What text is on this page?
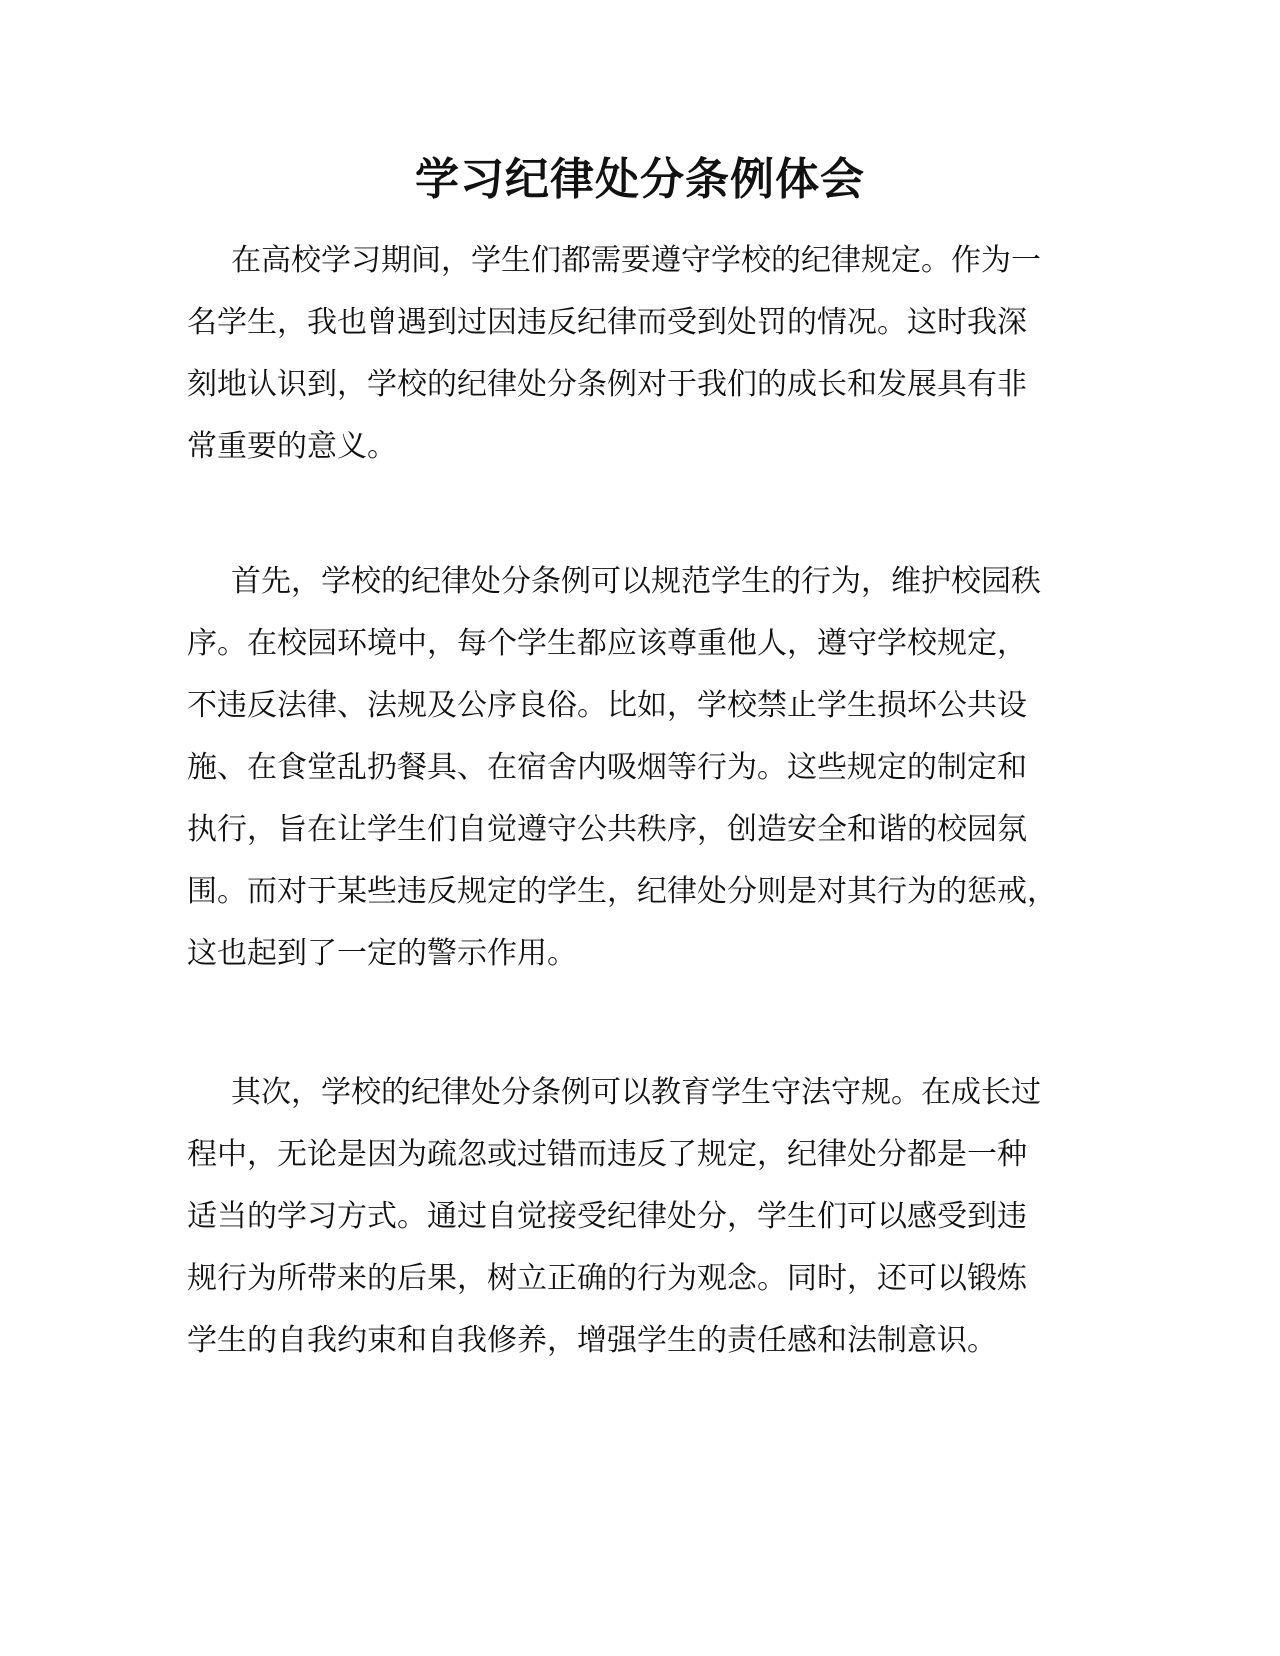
学习纪律处分条例体会
在高校学习期间，学生们都需要遵守学校的纪律规定。作为一
名学生，我也曾遇到过因违反纪律而受到处罚的情况。这时我深
刻地认识到，学校的纪律处分条例对于我们的成长和发展具有非
常重要的意义。
首先，学校的纪律处分条例可以规范学生的行为，维护校园秩
序。在校园环境中，每个学生都应该尊重他人，遵守学校规定，
不违反法律、法规及公序良俗。比如，学校禁止学生损坏公共设
施、在食堂乱扔餐具、在宿舍内吸烟等行为。这些规定的制定和
执行，旨在让学生们自觉遵守公共秩序，创造安全和谐的校园氛
围。而对于某些违反规定的学生，纪律处分则是对其行为的惩戒，
这也起到了一定的警示作用。
其次，学校的纪律处分条例可以教育学生守法守规。在成长过
程中，无论是因为疏忽或过错而违反了规定，纪律处分都是一种
适当的学习方式。通过自觉接受纪律处分，学生们可以感受到违
规行为所带来的后果，树立正确的行为观念。同时，还可以锻炼
学生的自我约束和自我修养，增强学生的责任感和法制意识。
